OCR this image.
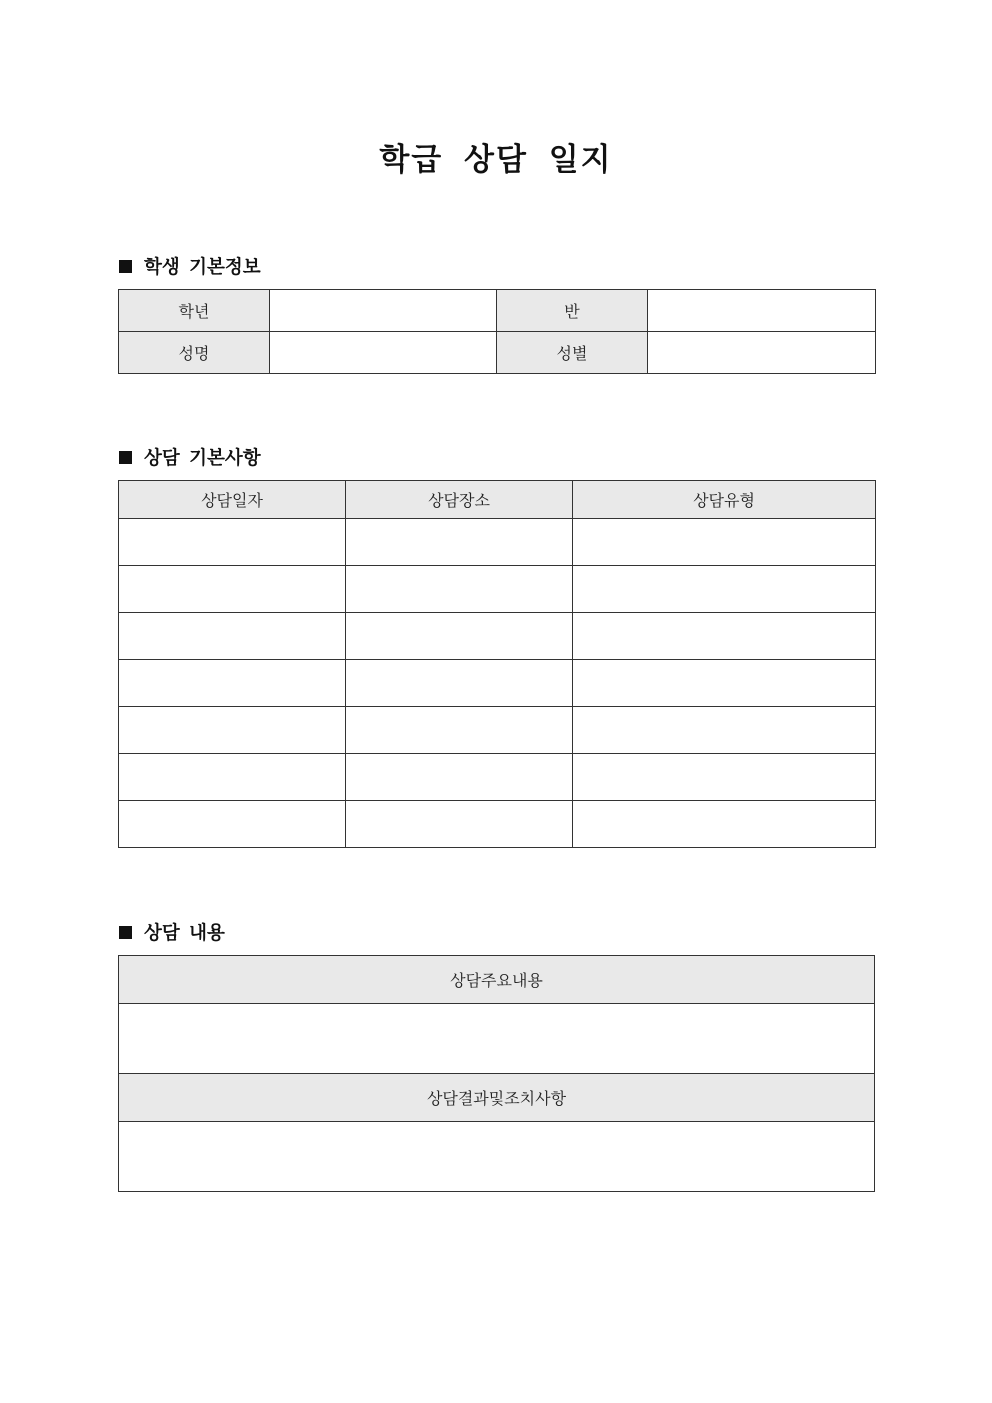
학급 상담 일지
학생 기본정보
학년		반	
성명		성별	
상담 기본사항
상담일자	상담장소	상담유형

상담 내용
상담주요내용

상담결과및조치사항
